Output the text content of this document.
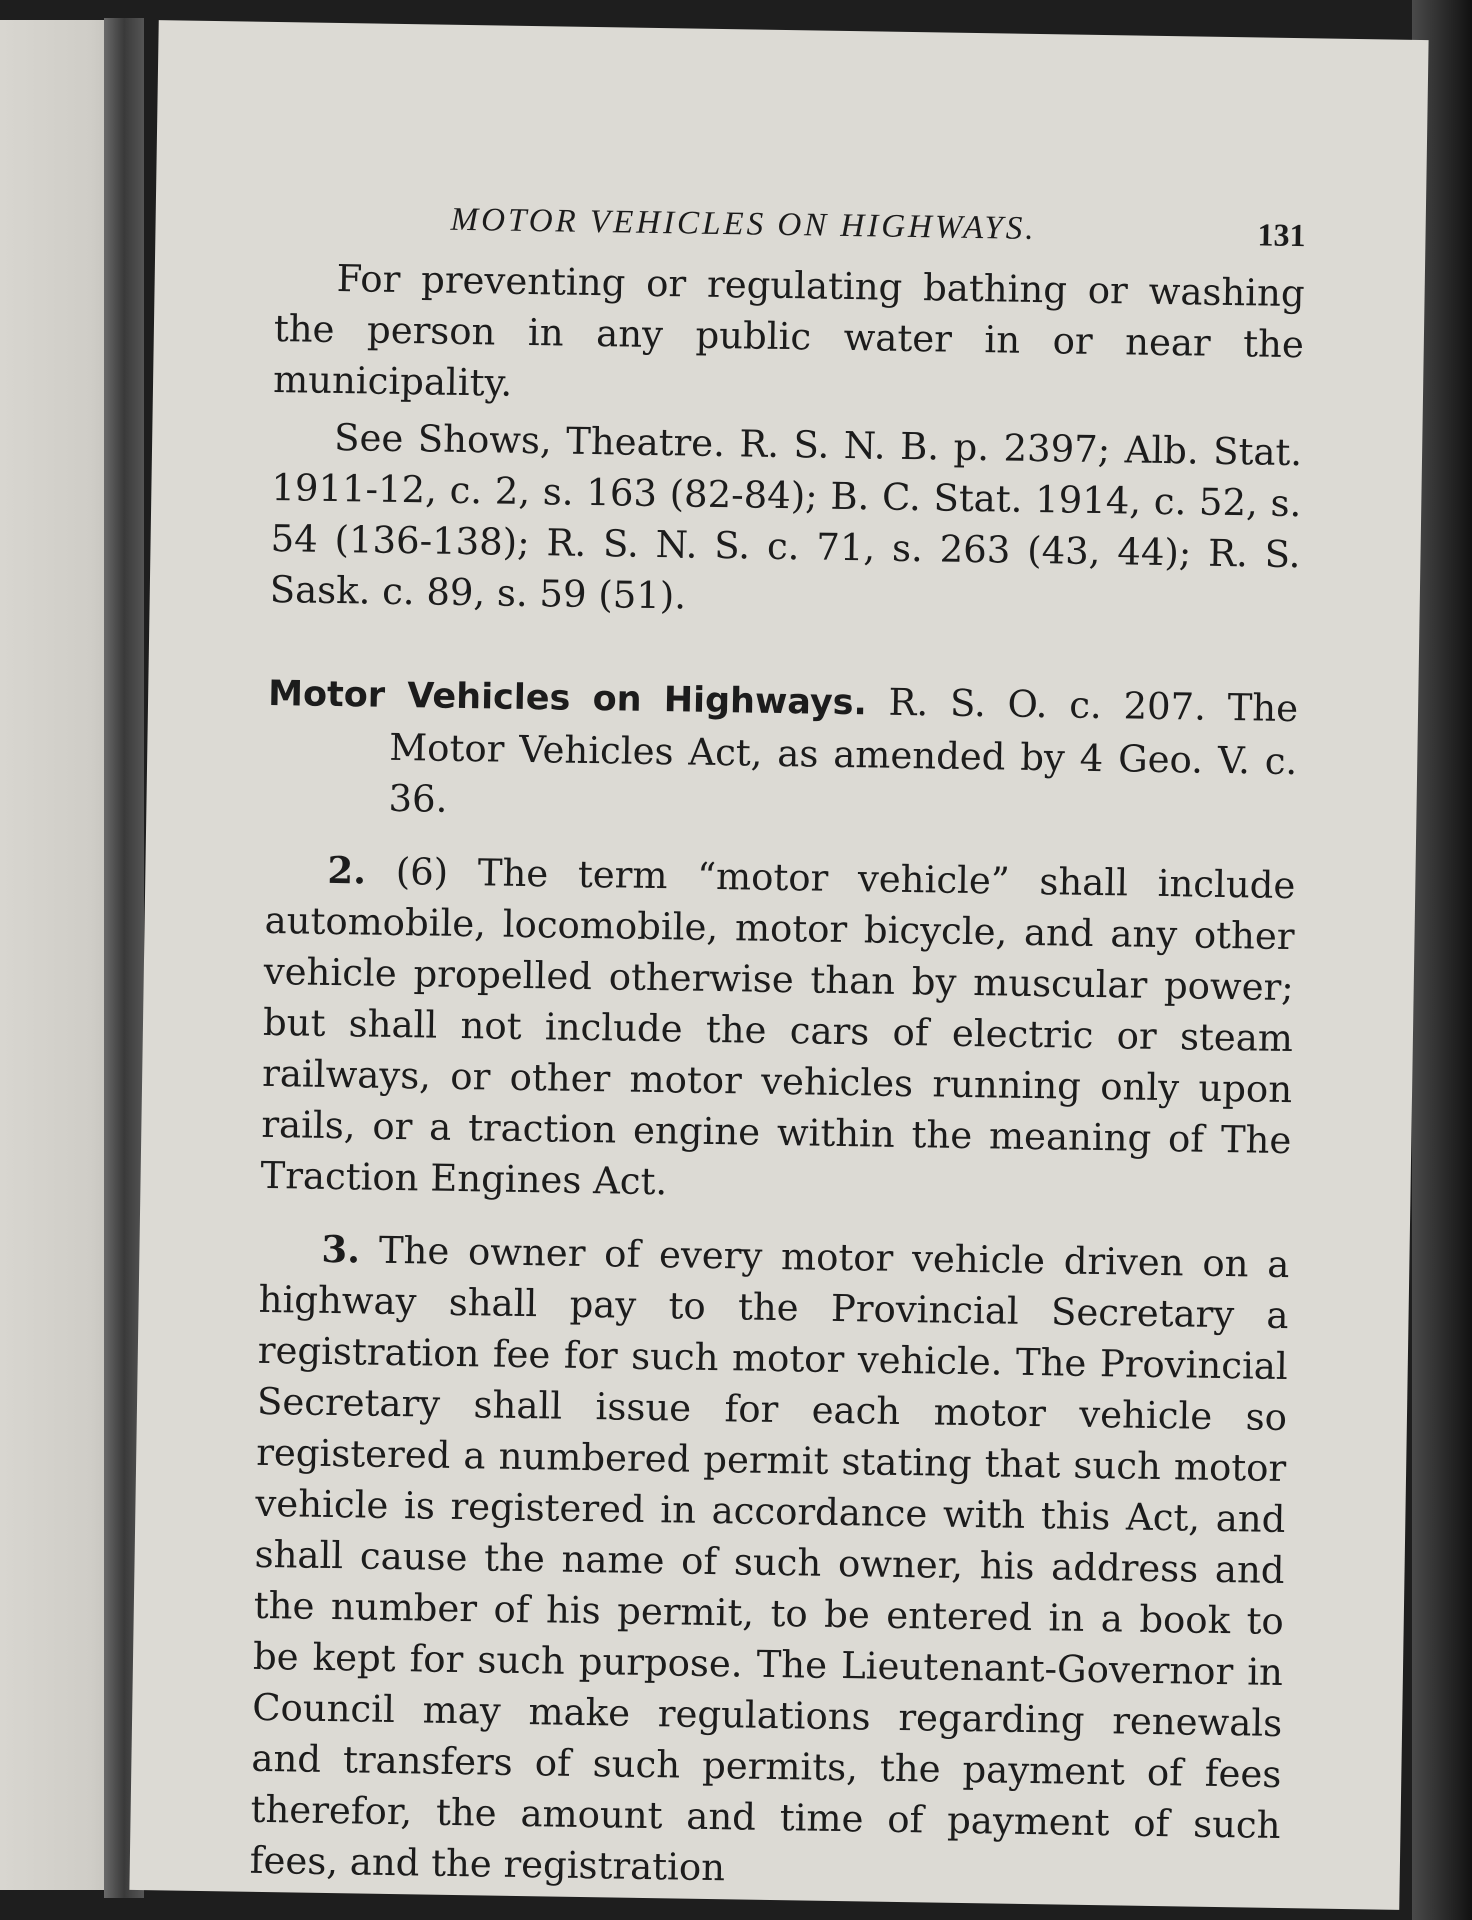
MOTOR VEHICLES ON HIGHWAYS.	131

For preventing or regulating bathing or washing the person in any public water in or near the municipality.

See Shows, Theatre. R. S. N. B. p. 2397; Alb. Stat. 1911-12, c. 2, s. 163 (82-84); B. C. Stat. 1914, c. 52, s. 54 (136-138); R. S. N. S. c. 71, s. 263 (43, 44); R. S. Sask. c. 89, s. 59 (51).

Motor Vehicles on Highways. R. S. O. c. 207. The Motor Vehicles Act, as amended by 4 Geo. V. c. 36.

2. (6) The term “motor vehicle” shall include automobile, locomobile, motor bicycle, and any other vehicle propelled otherwise than by muscular power; but shall not include the cars of electric or steam railways, or other motor vehicles running only upon rails, or a traction engine within the meaning of The Traction Engines Act.

3. The owner of every motor vehicle driven on a highway shall pay to the Provincial Secretary a registration fee for such motor vehicle. The Provincial Secretary shall issue for each motor vehicle so registered a numbered permit stating that such motor vehicle is registered in accordance with this Act, and shall cause the name of such owner, his address and the number of his permit, to be entered in a book to be kept for such purpose. The Lieutenant-Governor in Council may make regulations regarding renewals and transfers of such permits, the payment of fees therefor, the amount and time of payment of such fees, and the registration
